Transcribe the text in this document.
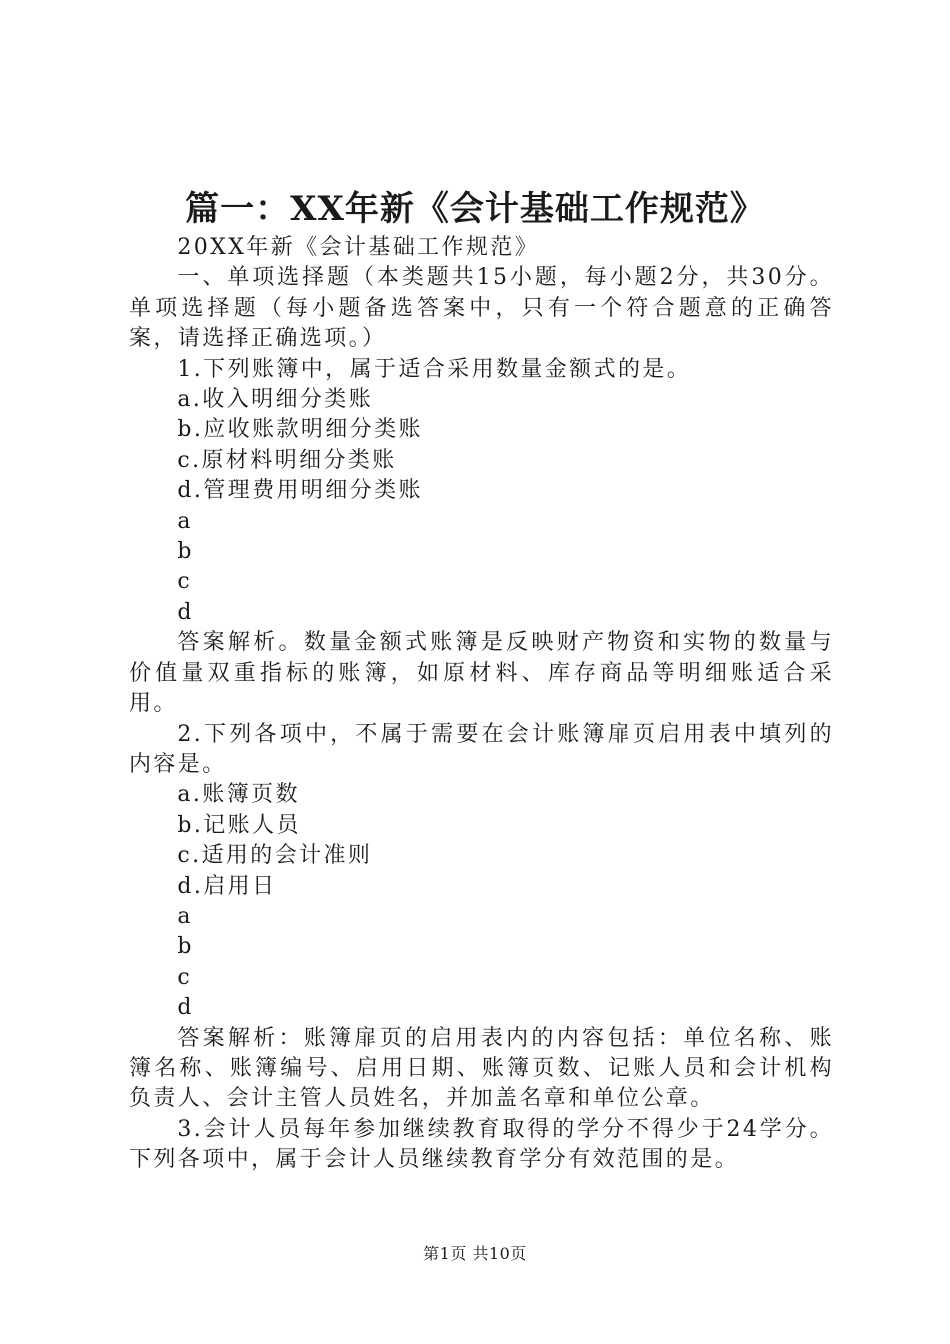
篇一：XX年新《会计基础工作规范》

20XX年新《会计基础工作规范》

一、单项选择题（本类题共15小题，每小题2分，共30分。单项选择题（每小题备选答案中，只有一个符合题意的正确答案，请选择正确选项。）

1.下列账簿中，属于适合采用数量金额式的是。

a.收入明细分类账

b.应收账款明细分类账

c.原材料明细分类账

d.管理费用明细分类账

a

b

c

d

答案解析。数量金额式账簿是反映财产物资和实物的数量与价值量双重指标的账簿，如原材料、库存商品等明细账适合采用。

2.下列各项中，不属于需要在会计账簿扉页启用表中填列的内容是。

a.账簿页数

b.记账人员

c.适用的会计准则

d.启用日

a

b

c

d

答案解析：账簿扉页的启用表内的内容包括：单位名称、账簿名称、账簿编号、启用日期、账簿页数、记账人员和会计机构负责人、会计主管人员姓名，并加盖名章和单位公章。

3.会计人员每年参加继续教育取得的学分不得少于24学分。下列各项中，属于会计人员继续教育学分有效范围的是。

第1页 共10页
